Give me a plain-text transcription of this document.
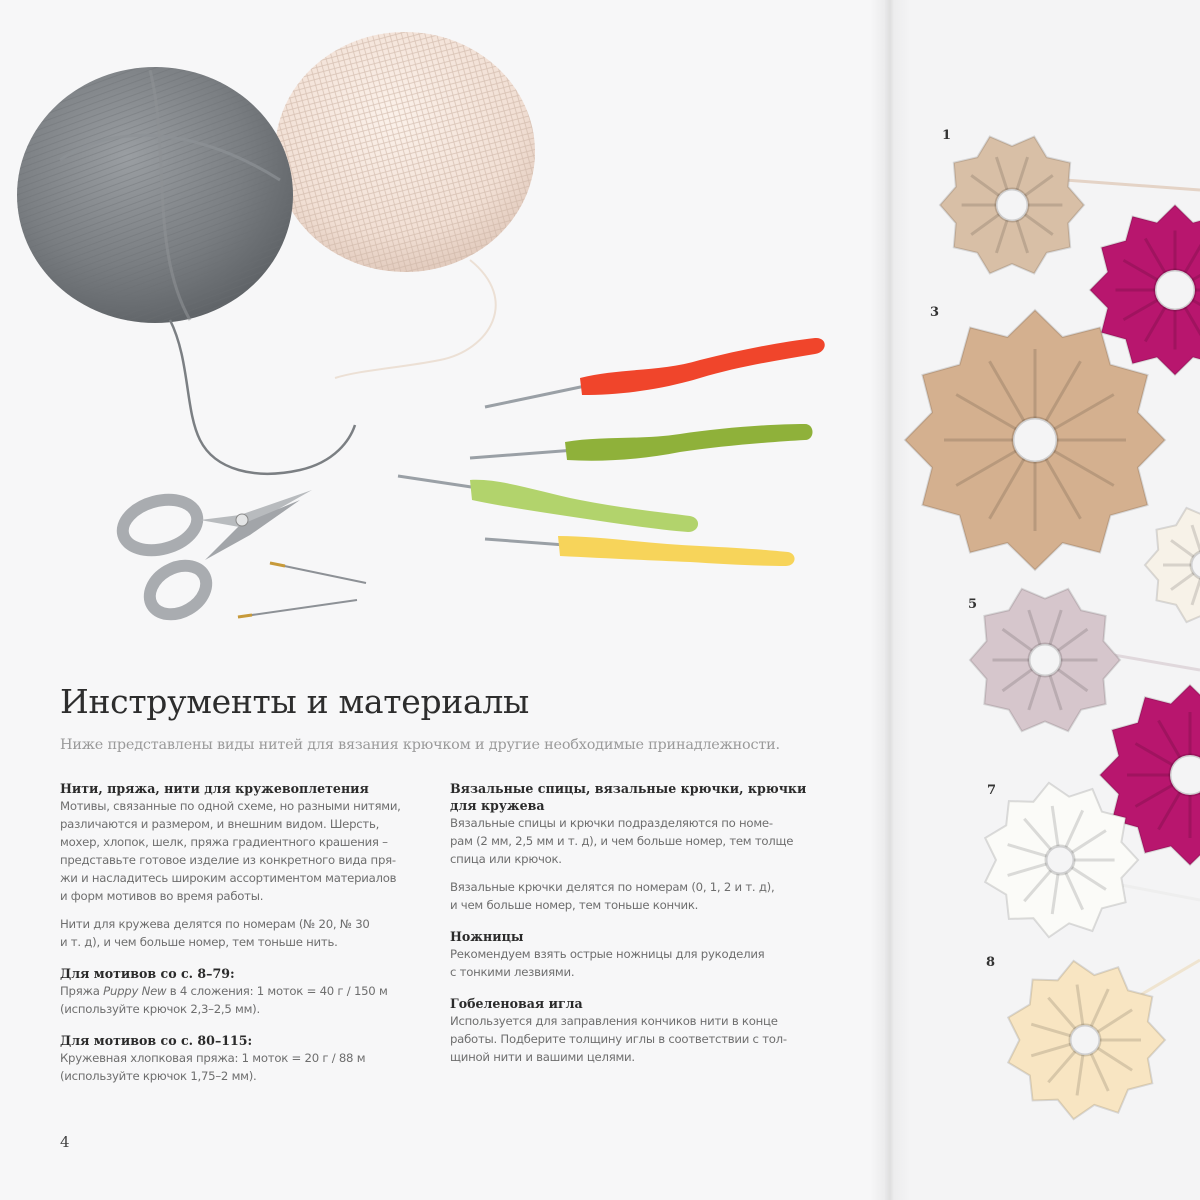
1
3
5
7
8
Инструменты и материалы

Ниже представлены виды нитей для вязания крючком и другие необходимые принадлежности.

Нити, пряжа, нити для кружевоплетения

Мотивы, связанные по одной схеме, но разными нитями,

различаются и размером, и внешним видом. Шерсть,

мохер, хлопок, шелк, пряжа градиентного крашения –

представьте готовое изделие из конкретного вида пря-

жи и насладитесь широким ассортиментом материалов

и форм мотивов во время работы.

Нити для кружева делятся по номерам (№ 20, № 30

и т. д), и чем больше номер, тем тоньше нить.

Для мотивов со с. 8–79:

Пряжа Puppy New в 4 сложения: 1 моток = 40 г / 150 м

(используйте крючок 2,3–2,5 мм).

Для мотивов со с. 80–115:

Кружевная хлопковая пряжа: 1 моток = 20 г / 88 м

(используйте крючок 1,75–2 мм).

Вязальные спицы, вязальные крючки, крючки

для кружева

Вязальные спицы и крючки подразделяются по номе-

рам (2 мм, 2,5 мм и т. д), и чем больше номер, тем толще

спица или крючок.

Вязальные крючки делятся по номерам (0, 1, 2 и т. д),

и чем больше номер, тем тоньше кончик.

Ножницы

Рекомендуем взять острые ножницы для рукоделия

с тонкими лезвиями.

Гобеленовая игла

Используется для заправления кончиков нити в конце

работы. Подберите толщину иглы в соответствии с тол-

щиной нити и вашими целями.

4
